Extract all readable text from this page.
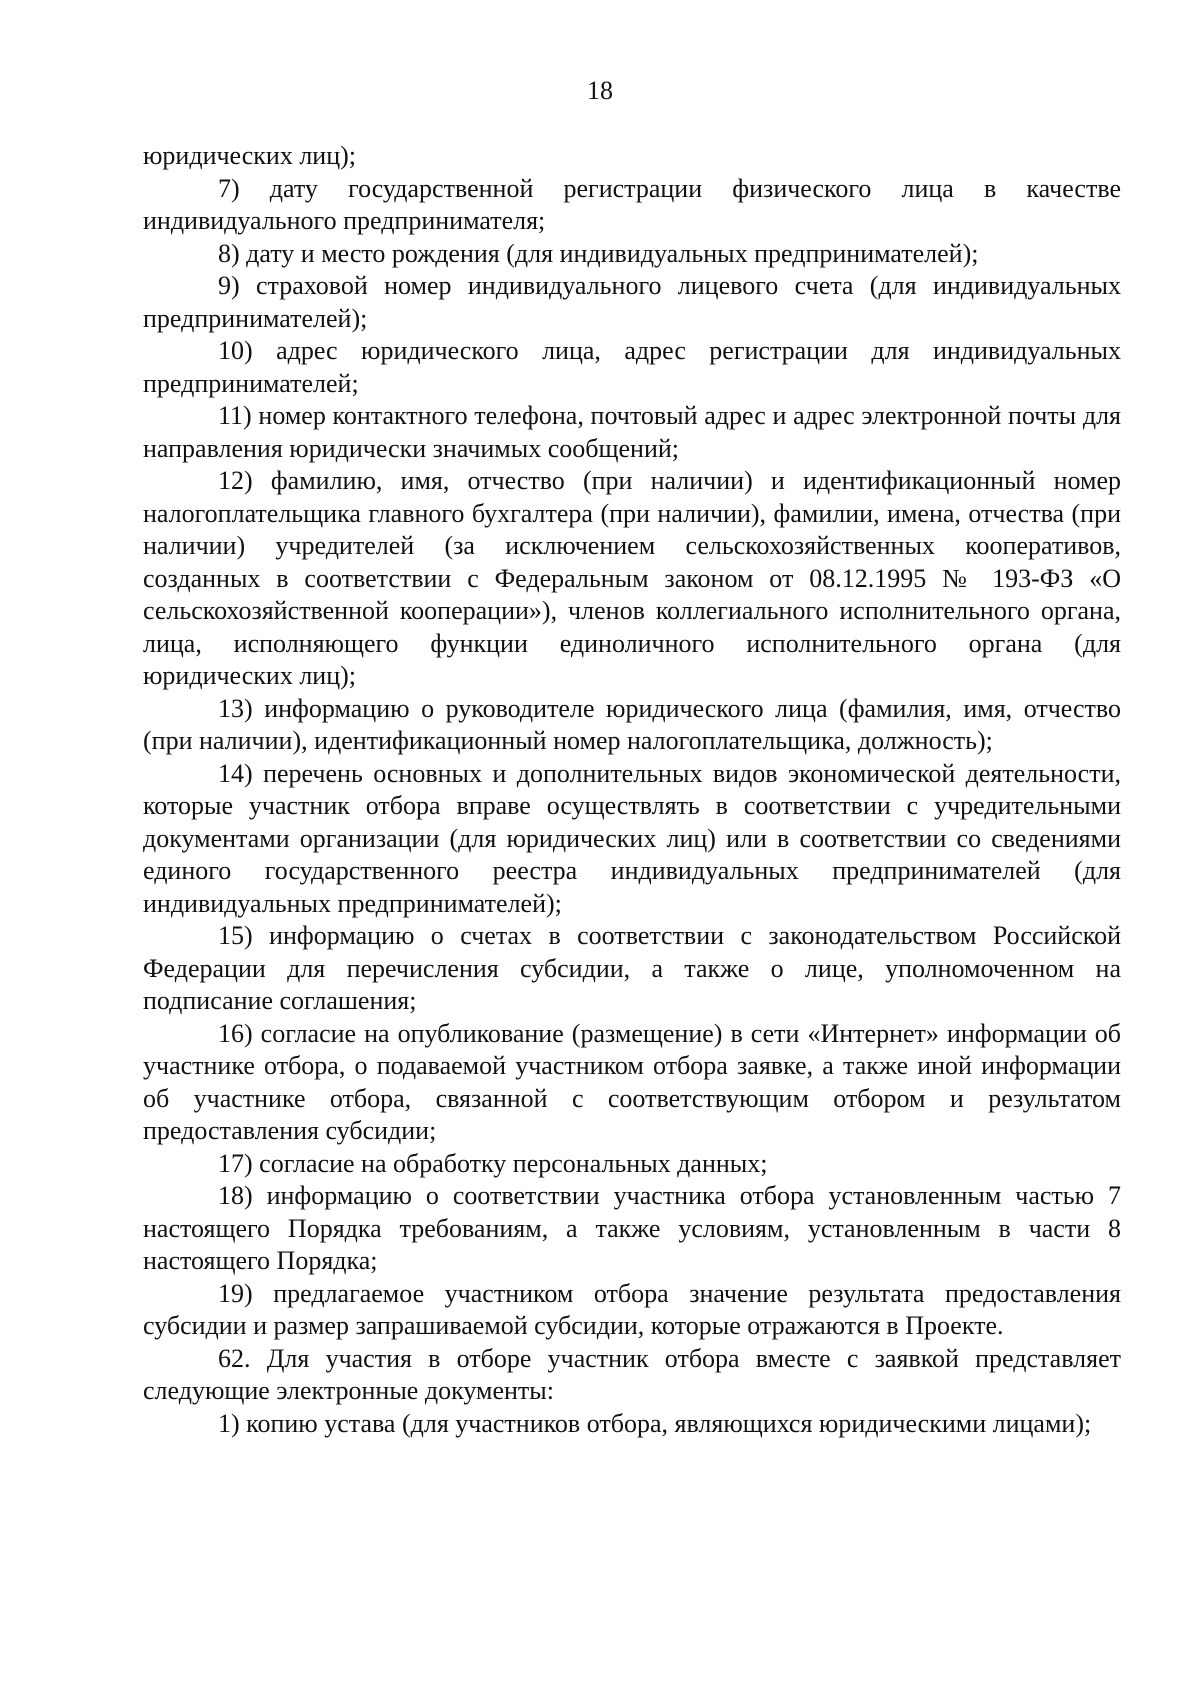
18

юридических лиц);

7) дату государственной регистрации физического лица в качестве индивидуального предпринимателя;

8) дату и место рождения (для индивидуальных предпринимателей);

9) страховой номер индивидуального лицевого счета (для индивидуальных предпринимателей);

10) адрес юридического лица, адрес регистрации для индивидуальных предпринимателей;

11) номер контактного телефона, почтовый адрес и адрес электронной почты для направления юридически значимых сообщений;

12) фамилию, имя, отчество (при наличии) и идентификационный номер налогоплательщика главного бухгалтера (при наличии), фамилии, имена, отчества (при наличии) учредителей (за исключением сельскохозяйственных кооперативов, созданных в соответствии с Федеральным законом от 08.12.1995 № 193-ФЗ «О сельскохозяйственной кооперации»), членов коллегиального исполнительного органа, лица, исполняющего функции единоличного исполнительного органа (для юридических лиц);

13) информацию о руководителе юридического лица (фамилия, имя, отчество (при наличии), идентификационный номер налогоплательщика, должность);

14) перечень основных и дополнительных видов экономической деятельности, которые участник отбора вправе осуществлять в соответствии с учредительными документами организации (для юридических лиц) или в соответствии со сведениями единого государственного реестра индивидуальных предпринимателей (для индивидуальных предпринимателей);

15) информацию о счетах в соответствии с законодательством Российской Федерации для перечисления субсидии, а также о лице, уполномоченном на подписание соглашения;

16) согласие на опубликование (размещение) в сети «Интернет» информации об участнике отбора, о подаваемой участником отбора заявке, а также иной информации об участнике отбора, связанной с соответствующим отбором и результатом предоставления субсидии;

17) согласие на обработку персональных данных;

18) информацию о соответствии участника отбора установленным частью 7 настоящего Порядка требованиям, а также условиям, установленным в части 8 настоящего Порядка;

19) предлагаемое участником отбора значение результата предоставления субсидии и размер запрашиваемой субсидии, которые отражаются в Проекте.

62. Для участия в отборе участник отбора вместе с заявкой представляет следующие электронные документы:

1) копию устава (для участников отбора, являющихся юридическими лицами);
